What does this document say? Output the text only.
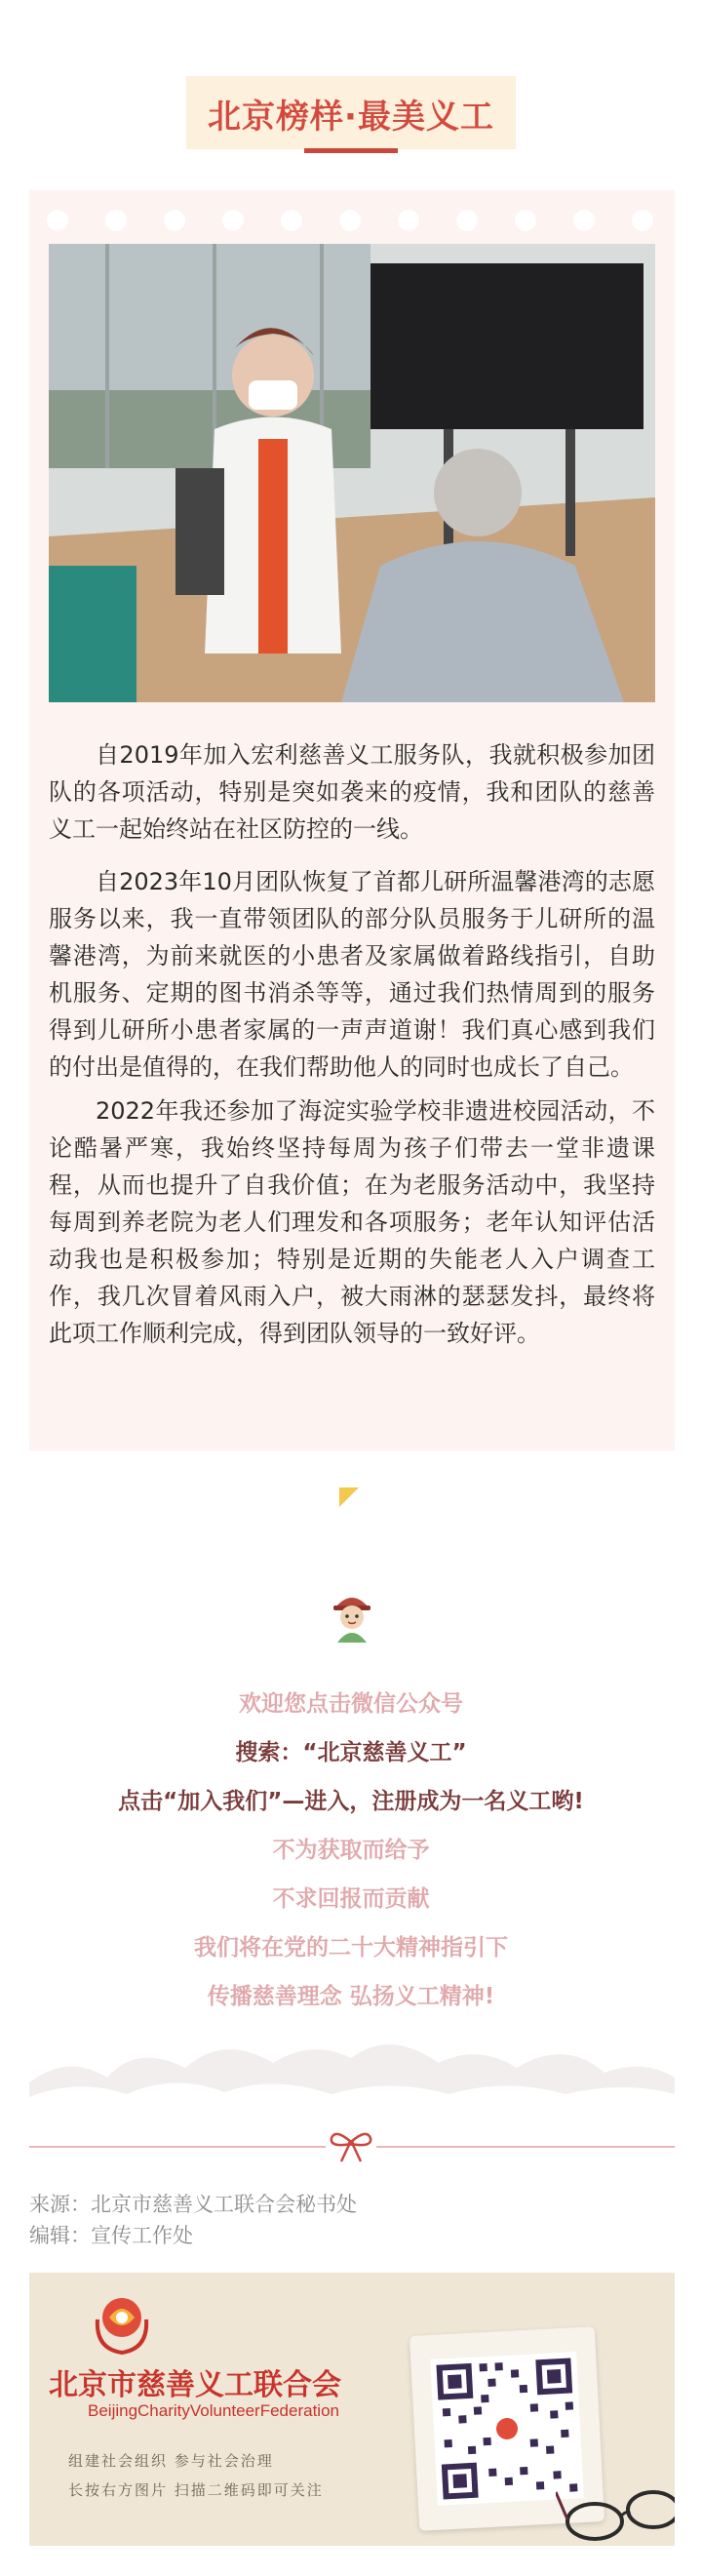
北京榜样·最美义工

自2019年加入宏利慈善义工服务队，我就积极参加团队的各项活动，特别是突如袭来的疫情，我和团队的慈善义工一起始终站在社区防控的一线。

自2023年10月团队恢复了首都儿研所温馨港湾的志愿服务以来，我一直带领团队的部分队员服务于儿研所的温馨港湾，为前来就医的小患者及家属做着路线指引，自助机服务、定期的图书消杀等等，通过我们热情周到的服务得到儿研所小患者家属的一声声道谢！我们真心感到我们的付出是值得的，在我们帮助他人的同时也成长了自己。

2022年我还参加了海淀实验学校非遗进校园活动，不论酷暑严寒，我始终坚持每周为孩子们带去一堂非遗课程，从而也提升了自我价值；在为老服务活动中，我坚持每周到养老院为老人们理发和各项服务；老年认知评估活动我也是积极参加；特别是近期的失能老人入户调查工作，我几次冒着风雨入户，被大雨淋的瑟瑟发抖，最终将此项工作顺利完成，得到团队领导的一致好评。

欢迎您点击微信公众号
搜索：“北京慈善义工”
点击“加入我们”—进入，注册成为一名义工哟!
不为获取而给予
不求回报而贡献
我们将在党的二十大精神指引下
传播慈善理念 弘扬义工精神!
来源：北京市慈善义工联合会秘书处
编辑：宣传工作处
北京市慈善义工联合会
BeijingCharityVolunteerFederation
组建社会组织 参与社会治理
长按右方图片 扫描二维码即可关注
